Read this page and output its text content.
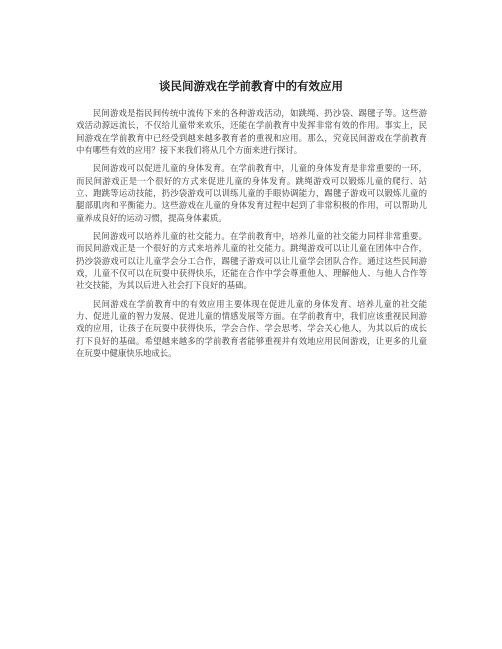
谈民间游戏在学前教育中的有效应用

民间游戏是指民间传统中流传下来的各种游戏活动，如跳绳、扔沙袋、踢毽子等。这些游戏活动源远流长，不仅给儿童带来欢乐，还能在学前教育中发挥非常有效的作用。事实上，民间游戏在学前教育中已经受到越来越多教育者的重视和应用。那么，究竟民间游戏在学前教育中有哪些有效的应用？接下来我们将从几个方面来进行探讨。

民间游戏可以促进儿童的身体发育。在学前教育中，儿童的身体发育是非常重要的一环，而民间游戏正是一个很好的方式来促进儿童的身体发育。跳绳游戏可以锻炼儿童的爬行、站立、跑跳等运动技能，扔沙袋游戏可以训练儿童的手眼协调能力，踢毽子游戏可以锻炼儿童的腿部肌肉和平衡能力。这些游戏在儿童的身体发育过程中起到了非常积极的作用，可以帮助儿童养成良好的运动习惯，提高身体素质。

民间游戏可以培养儿童的社交能力。在学前教育中，培养儿童的社交能力同样非常重要。而民间游戏正是一个很好的方式来培养儿童的社交能力。跳绳游戏可以让儿童在团体中合作，扔沙袋游戏可以让儿童学会分工合作，踢毽子游戏可以让儿童学会团队合作。通过这些民间游戏，儿童不仅可以在玩耍中获得快乐，还能在合作中学会尊重他人、理解他人、与他人合作等社交技能，为其以后进入社会打下良好的基础。

民间游戏在学前教育中的有效应用主要体现在促进儿童的身体发育、培养儿童的社交能力、促进儿童的智力发展、促进儿童的情感发展等方面。在学前教育中，我们应该重视民间游戏的应用，让孩子在玩耍中获得快乐，学会合作、学会思考、学会关心他人，为其以后的成长打下良好的基础。希望越来越多的学前教育者能够重视并有效地应用民间游戏，让更多的儿童在玩耍中健康快乐地成长。
